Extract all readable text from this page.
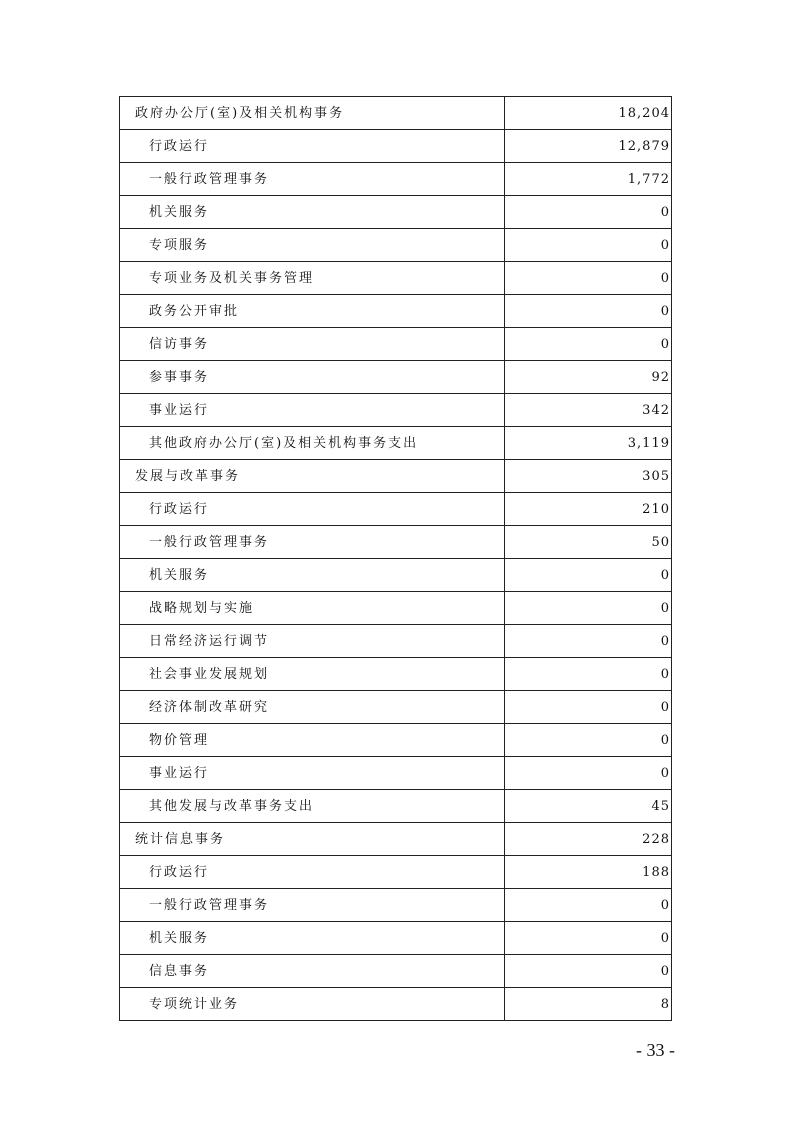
政府办公厅(室)及相关机构事务	18,204
行政运行	12,879
一般行政管理事务	1,772
机关服务	0
专项服务	0
专项业务及机关事务管理	0
政务公开审批	0
信访事务	0
参事事务	92
事业运行	342
其他政府办公厅(室)及相关机构事务支出	3,119
发展与改革事务	305
行政运行	210
一般行政管理事务	50
机关服务	0
战略规划与实施	0
日常经济运行调节	0
社会事业发展规划	0
经济体制改革研究	0
物价管理	0
事业运行	0
其他发展与改革事务支出	45
统计信息事务	228
行政运行	188
一般行政管理事务	0
机关服务	0
信息事务	0
专项统计业务	8
- 33 -
